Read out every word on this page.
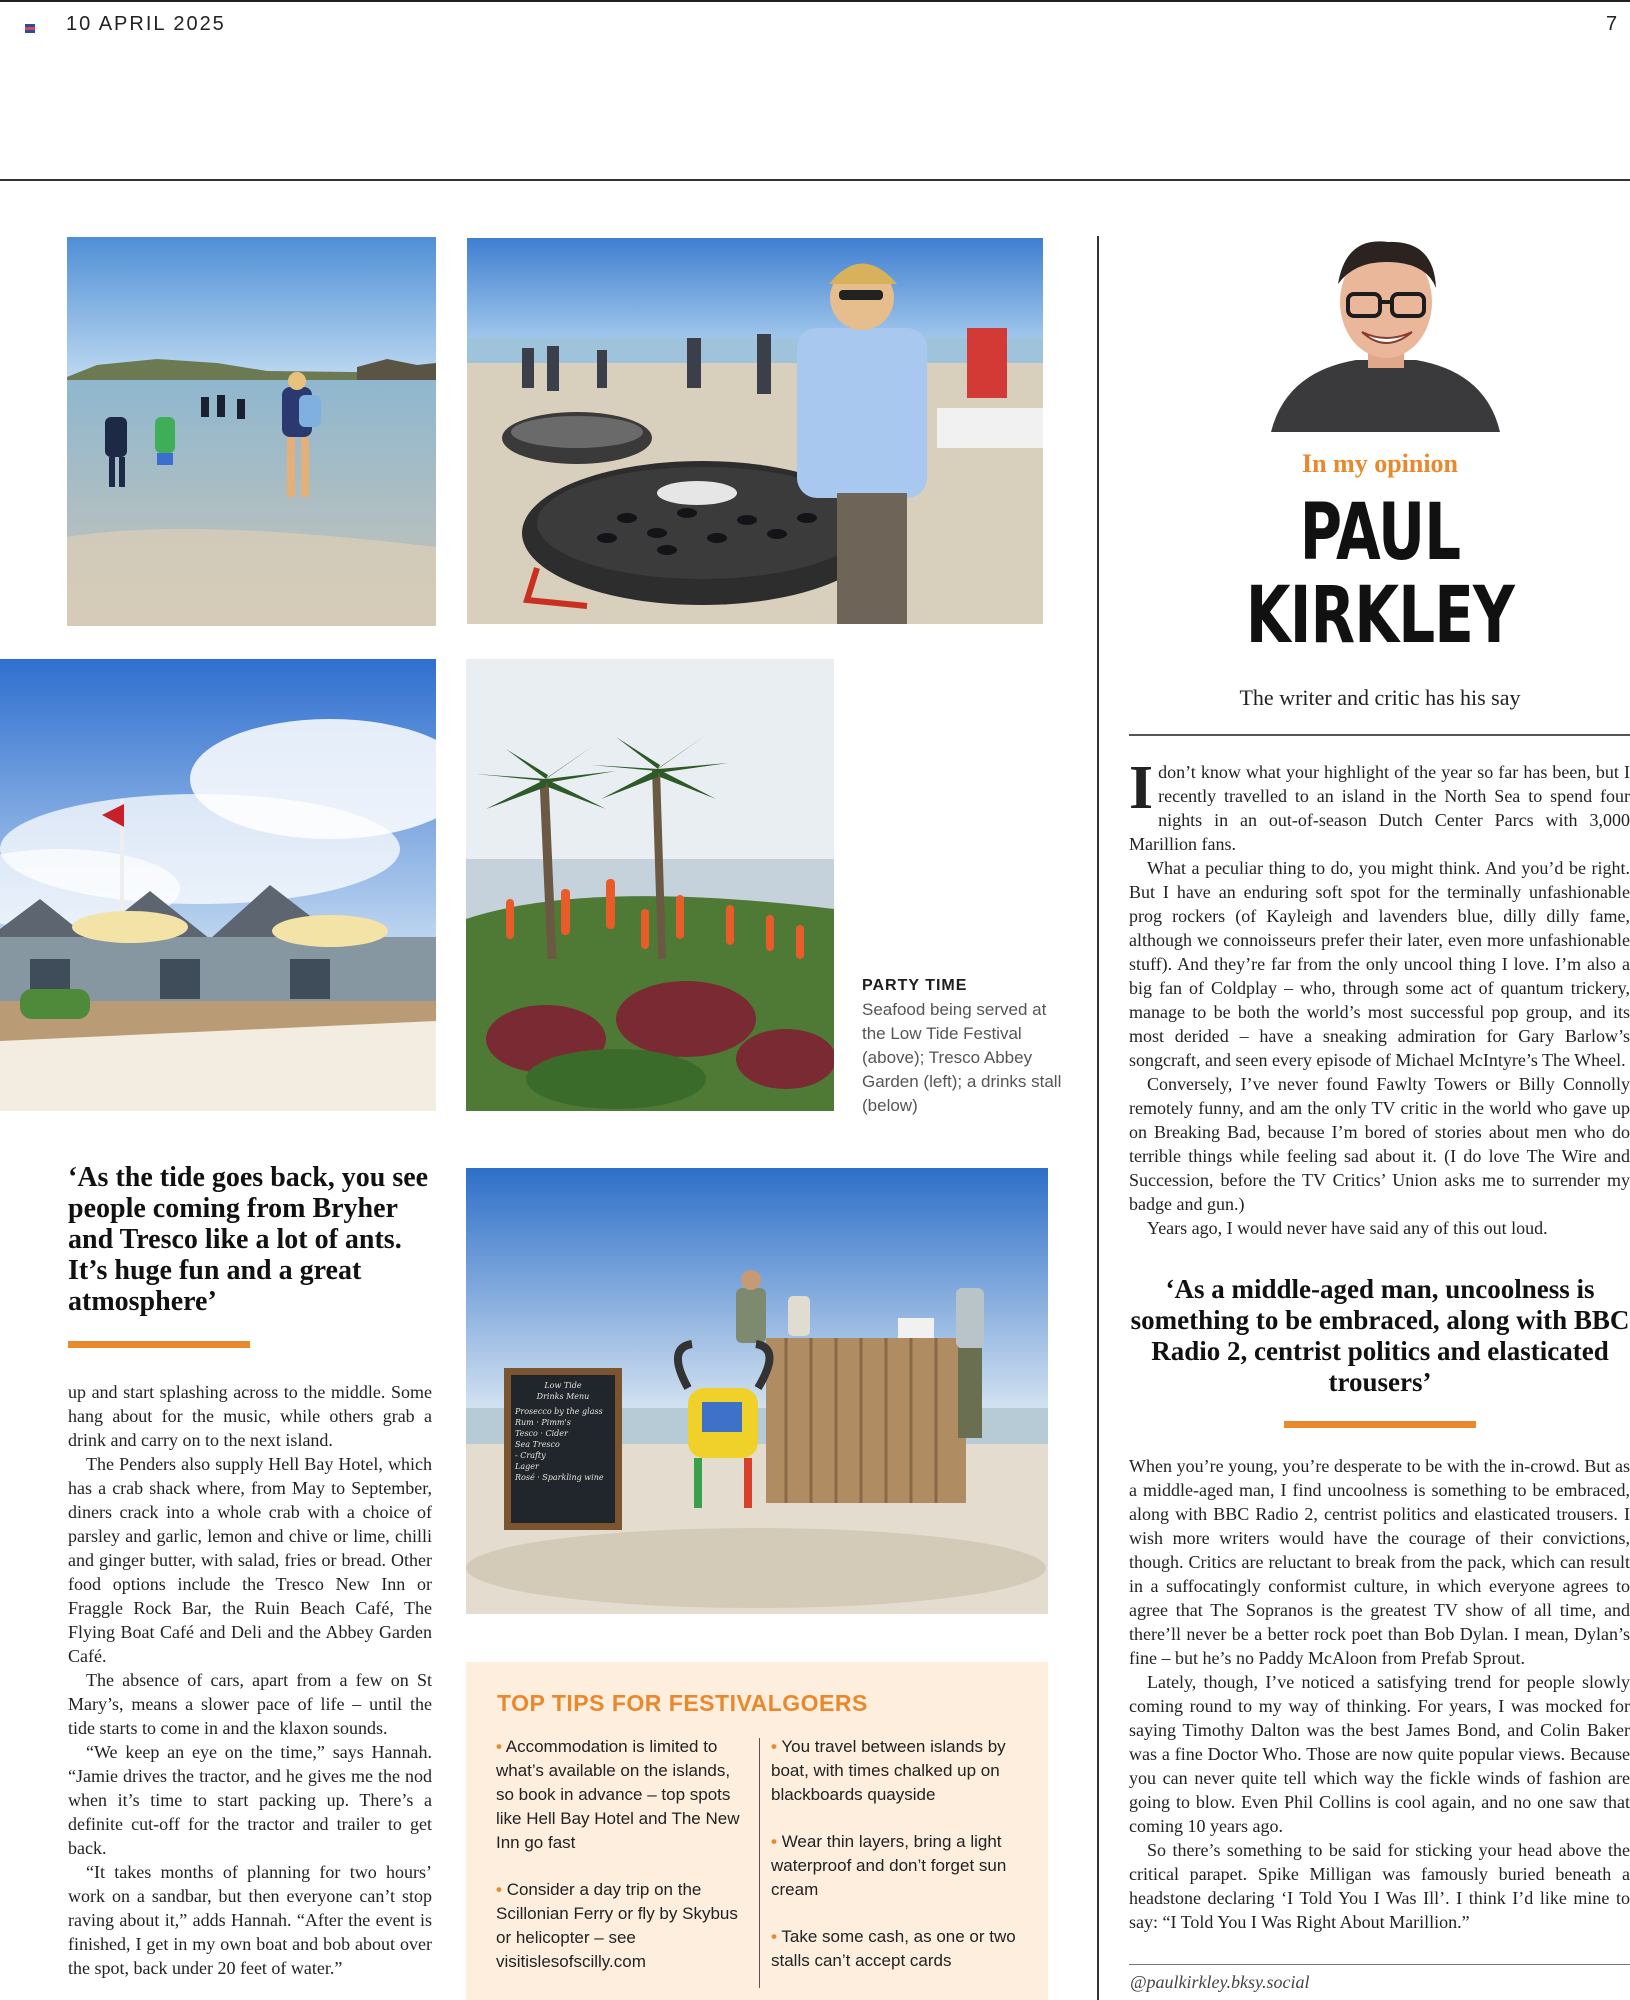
10 APRIL 2025	7
PARTY TIME
Seafood being served at the Low Tide Festival (above); Tresco Abbey Garden (left); a drinks stall (below)
Low Tide
Drinks Menu
Prosecco by the glass
Rum · Pimm's
Tesco · Cider
Sea Tresco
- Crafty
Lager
Rosé · Sparkling wine
‘As the tide goes back, you see people coming from Bryher and Tresco like a lot of ants. It’s huge fun and a great atmosphere’

up and start splashing across to the middle. Some hang about for the music, while others grab a drink and carry on to the next island.

The Penders also supply Hell Bay Hotel, which has a crab shack where, from May to September, diners crack into a whole crab with a choice of parsley and garlic, lemon and chive or lime, chilli and ginger butter, with salad, fries or bread. Other food options include the Tresco New Inn or Fraggle Rock Bar, the Ruin Beach Café, The Flying Boat Café and Deli and the Abbey Garden Café.

The absence of cars, apart from a few on St Mary’s, means a slower pace of life – until the tide starts to come in and the klaxon sounds.

“We keep an eye on the time,” says Hannah. “Jamie drives the tractor, and he gives me the nod when it’s time to start packing up. There’s a definite cut-off for the tractor and trailer to get back.

“It takes months of planning for two hours’ work on a sandbar, but then everyone can’t stop raving about it,” adds Hannah. “After the event is finished, I get in my own boat and bob about over the spot, back under 20 feet of water.”

TOP TIPS FOR FESTIVALGOERS
• Accommodation is limited to what’s available on the islands, so book in advance – top spots like Hell Bay Hotel and The New Inn go fast
• Consider a day trip on the Scillonian Ferry or fly by Skybus or helicopter – see visitislesofscilly.com
• You travel between islands by boat, with times chalked up on blackboards quayside
• Wear thin layers, bring a light waterproof and don’t forget sun cream
• Take some cash, as one or two stalls can’t accept cards
In my opinion
PAUL
KIRKLEY
The writer and critic has his say

Idon’t know what your highlight of the year so far has been, but I recently travelled to an island in the North Sea to spend four nights in an out-of-season Dutch Center Parcs with 3,000 Marillion fans.

What a peculiar thing to do, you might think. And you’d be right. But I have an enduring soft spot for the terminally unfashionable prog rockers (of Kayleigh and lavenders blue, dilly dilly fame, although we connoisseurs prefer their later, even more unfashionable stuff). And they’re far from the only uncool thing I love. I’m also a big fan of Coldplay – who, through some act of quantum trickery, manage to be both the world’s most successful pop group, and its most derided – have a sneaking admiration for Gary Barlow’s songcraft, and seen every episode of Michael McIntyre’s The Wheel.

Conversely, I’ve never found Fawlty Towers or Billy Connolly remotely funny, and am the only TV critic in the world who gave up on Breaking Bad, because I’m bored of stories about men who do terrible things while feeling sad about it. (I do love The Wire and Succession, before the TV Critics’ Union asks me to surrender my badge and gun.)

Years ago, I would never have said any of this out loud.

‘As a middle-aged man, uncoolness is something to be embraced, along with BBC Radio 2, centrist politics and elasticated trousers’

When you’re young, you’re desperate to be with the in-crowd. But as a middle-aged man, I find uncoolness is something to be embraced, along with BBC Radio 2, centrist politics and elasticated trousers. I wish more writers would have the courage of their convictions, though. Critics are reluctant to break from the pack, which can result in a suffocatingly conformist culture, in which everyone agrees to agree that The Sopranos is the greatest TV show of all time, and there’ll never be a better rock poet than Bob Dylan. I mean, Dylan’s fine – but he’s no Paddy McAloon from Prefab Sprout.

Lately, though, I’ve noticed a satisfying trend for people slowly coming round to my way of thinking. For years, I was mocked for saying Timothy Dalton was the best James Bond, and Colin Baker was a fine Doctor Who. Those are now quite popular views. Because you can never quite tell which way the fickle winds of fashion are going to blow. Even Phil Collins is cool again, and no one saw that coming 10 years ago.

So there’s something to be said for sticking your head above the critical parapet. Spike Milligan was famously buried beneath a headstone declaring ‘I Told You I Was Ill’. I think I’d like mine to say: “I Told You I Was Right About Marillion.”

@paulkirkley.bksy.social
